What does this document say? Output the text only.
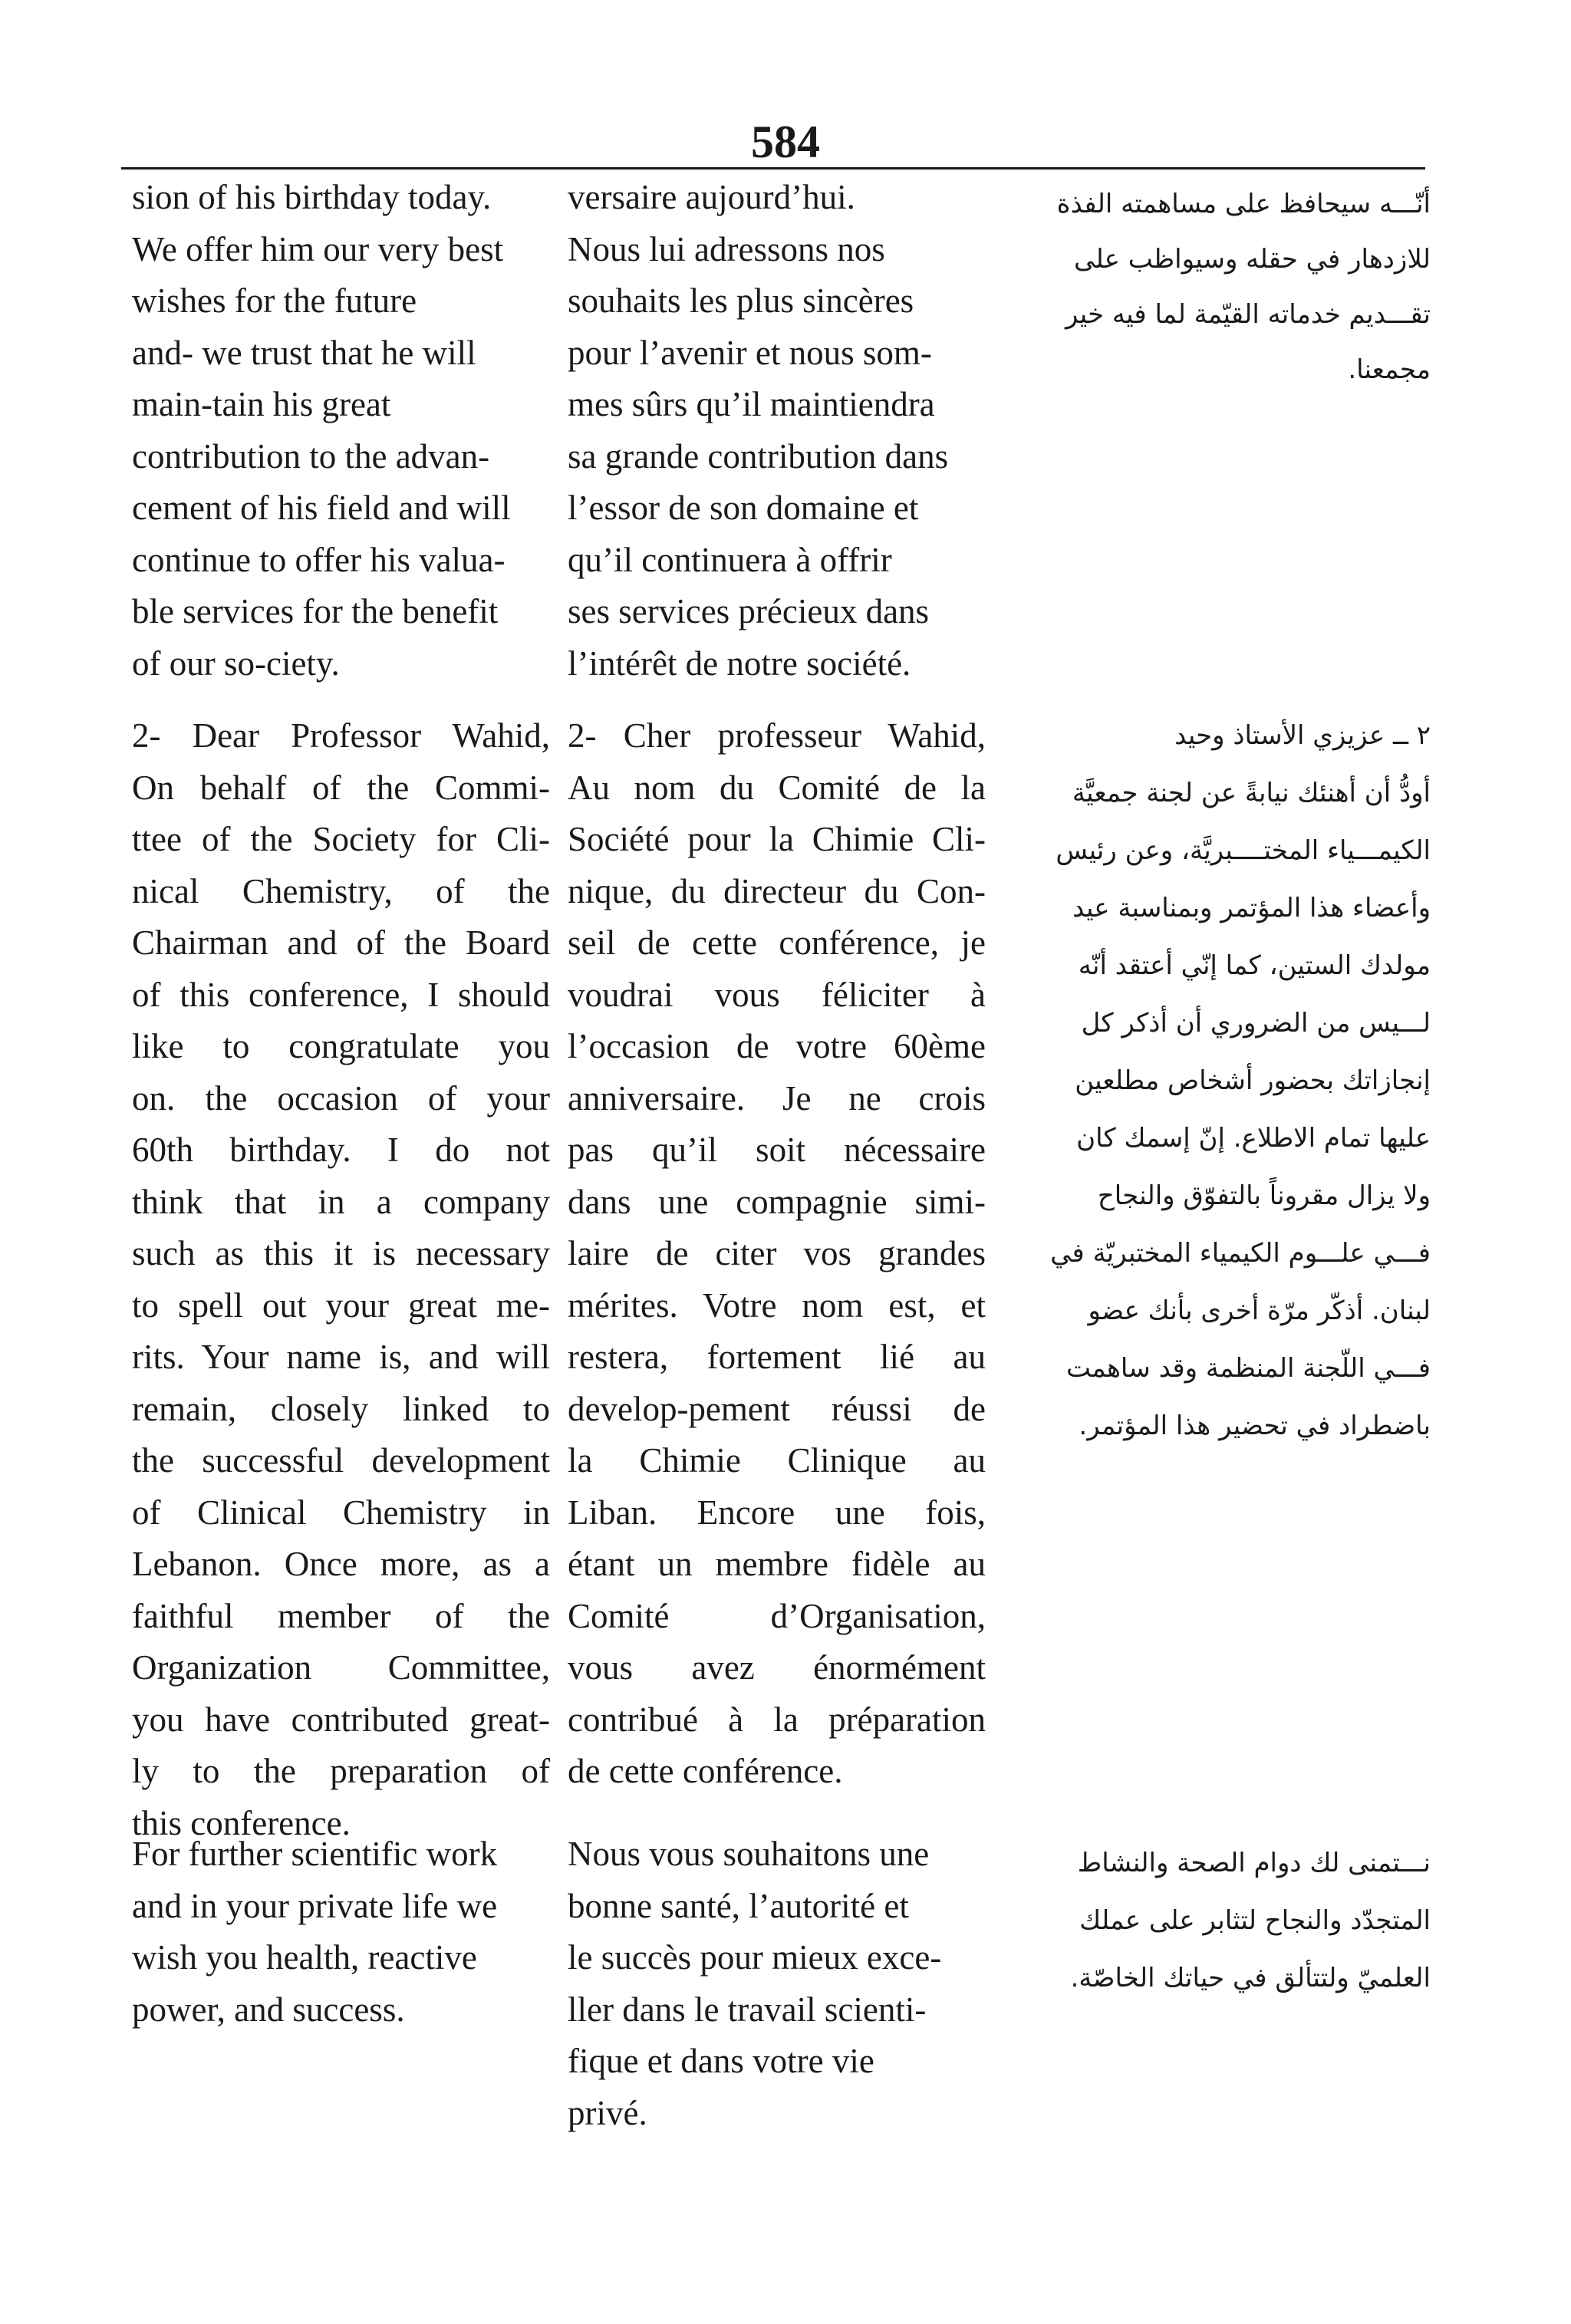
584
sion of his birthday today.
We offer him our very best
wishes for the future
and- we trust that he will
main-tain his great
contribution to the advan-
cement of his field and will
continue to offer his valua-
ble services for the benefit
of our so-ciety.
2- Dear Professor Wahid,
On behalf of the Commi-
ttee of the Society for Cli-
nical Chemistry, of the
Chairman and of the Board
of this conference, I should
like to congratulate you
on. the occasion of your
60th birthday. I do not
think that in a company
such as this it is necessary
to spell out your great me-
rits. Your name is, and will
remain, closely linked to
the successful development
of Clinical Chemistry in
Lebanon. Once more, as a
faithful member of the
Organization Committee,
you have contributed great-
ly to the preparation of
this conference.
For further scientific work
and in your private life we
wish you health, reactive
power, and success.
versaire aujourd’hui.
Nous lui adressons nos
souhaits les plus sincères
pour l’avenir et nous som-
mes sûrs qu’il maintiendra
sa grande contribution dans
l’essor de son domaine et
qu’il continuera à offrir
ses services précieux dans
l’intérêt de notre société.
2- Cher professeur Wahid,
Au nom du Comité de la
Société pour la Chimie Cli-
nique, du directeur du Con-
seil de cette conférence, je
voudrai vous féliciter à
l’occasion de votre 60ème
anniversaire. Je ne crois
pas qu’il soit nécessaire
dans une compagnie simi-
laire de citer vos grandes
mérites. Votre nom est, et
restera, fortement lié au
develop-pement réussi de
la Chimie Clinique au
Liban. Encore une fois,
étant un membre fidèle au
Comité d’Organisation,
vous avez énormément
contribué à la préparation
de cette conférence.
Nous vous souhaitons une
bonne santé, l’autorité et
le succès pour mieux exce-
ller dans le travail scienti-
fique et dans votre vie
privé.
أنّـــه سيحافظ على مساهمته الفذة
للازدهار في حقله وسيواظب على
تقـــديم خدماته القيّمة لما فيه خير
مجمعنا.
٢ ــ عزيزي الأستاذ وحيد
أودُّ أن أهنئك نيابةً عن لجنة جمعيَّة
الكيمـــياء المختــــبريَّة، وعن رئيس
وأعضاء هذا المؤتمر وبمناسبة عيد
مولدك الستين، كما إنّي أعتقد أنّه
لـــيس من الضروري أن أذكر كل
إنجازاتك بحضور أشخاص مطلعين
عليها تمام الاطلاع. إنّ إسمك كان
ولا يزال مقروناً بالتفوّق والنجاح
فـــي علـــوم الكيمياء المختبريّة في
لبنان. أذكّر مرّة أخرى بأنك عضو
فـــي اللّجنة المنظمة وقد ساهمت
باضطراد في تحضير هذا المؤتمر.
نـــتمنى لك دوام الصحة والنشاط
المتجدّد والنجاح لتثابر على عملك
العلميّ ولتتألق في حياتك الخاصّة.
